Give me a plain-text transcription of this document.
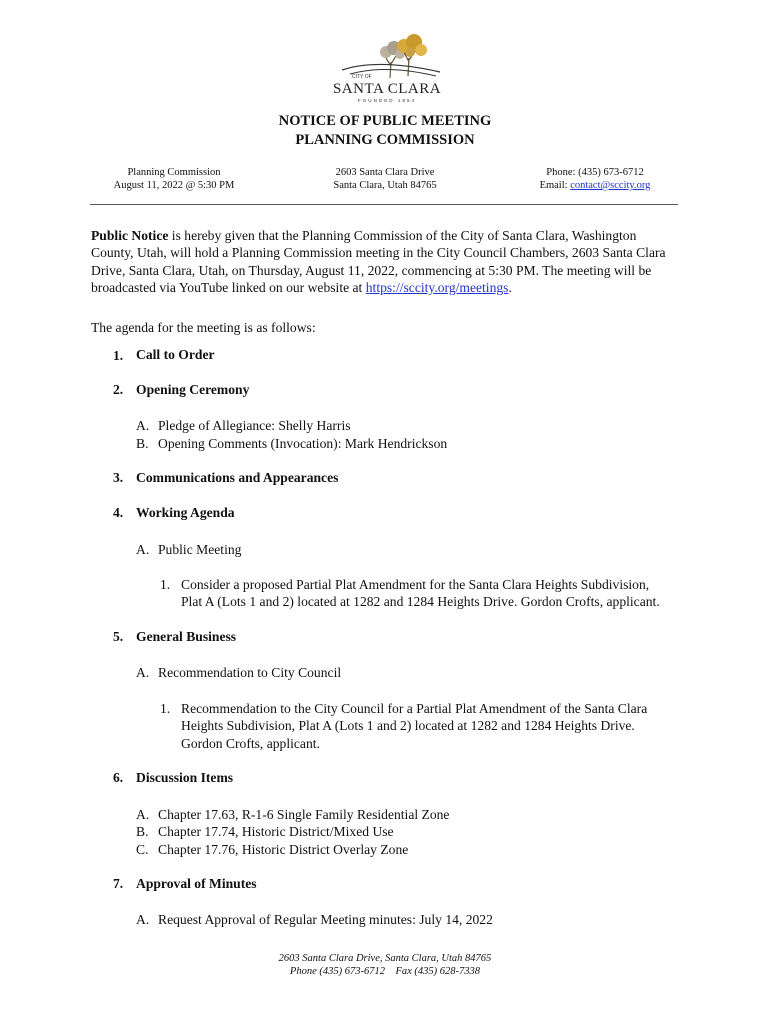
CITY OF
SANTA CLARA
FOUNDED 1854
NOTICE OF PUBLIC MEETING
PLANNING COMMISSION
Planning Commission
August 11, 2022 @ 5:30 PM
2603 Santa Clara Drive
Santa Clara, Utah 84765
Phone: (435) 673-6712
Email: contact@sccity.org
Public Notice is hereby given that the Planning Commission of the City of Santa Clara, Washington County, Utah, will hold a Planning Commission meeting in the City Council Chambers, 2603 Santa Clara Drive, Santa Clara, Utah, on Thursday, August 11, 2022, commencing at 5:30 PM. The meeting will be broadcasted via YouTube linked on our website at https://sccity.org/meetings.
The agenda for the meeting is as follows:
1. Call to Order
2. Opening Ceremony
A. Pledge of Allegiance: Shelly Harris
B. Opening Comments (Invocation): Mark Hendrickson
3. Communications and Appearances
4. Working Agenda
A. Public Meeting
1. Consider a proposed Partial Plat Amendment for the Santa Clara Heights Subdivision, Plat A (Lots 1 and 2) located at 1282 and 1284 Heights Drive. Gordon Crofts, applicant.
5. General Business
A. Recommendation to City Council
1. Recommendation to the City Council for a Partial Plat Amendment of the Santa Clara Heights Subdivision, Plat A (Lots 1 and 2) located at 1282 and 1284 Heights Drive. Gordon Crofts, applicant.
6. Discussion Items
A. Chapter 17.63, R-1-6 Single Family Residential Zone
B. Chapter 17.74, Historic District/Mixed Use
C. Chapter 17.76, Historic District Overlay Zone
7. Approval of Minutes
A. Request Approval of Regular Meeting minutes: July 14, 2022
2603 Santa Clara Drive, Santa Clara, Utah 84765
Phone (435) 673-6712    Fax (435) 628-7338
